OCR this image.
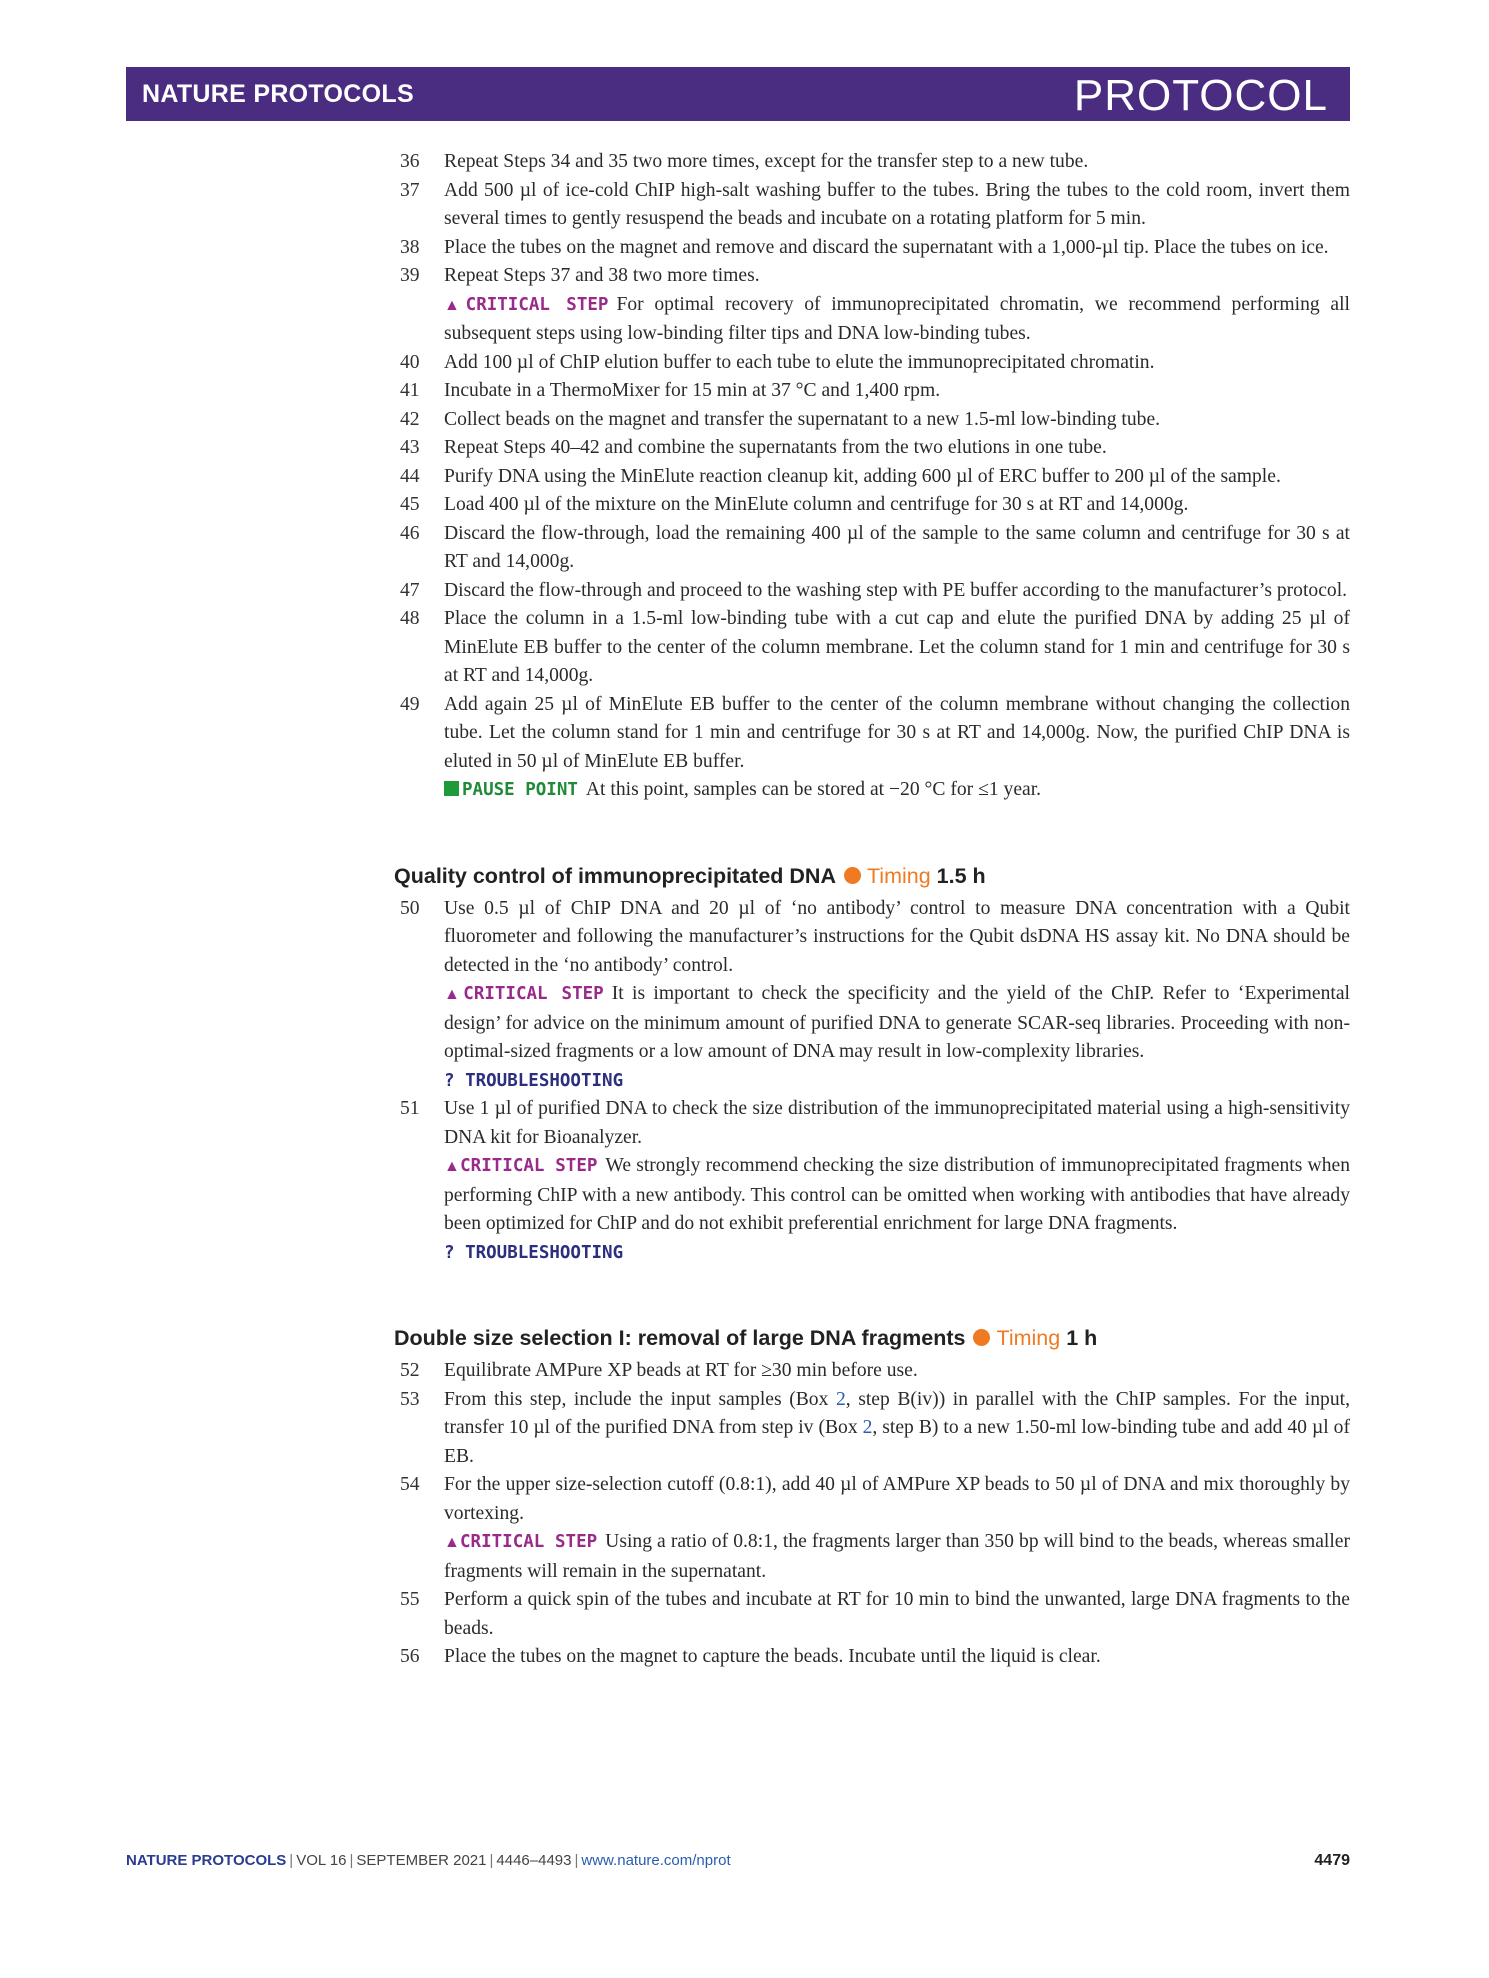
NATURE PROTOCOLS	PROTOCOL
36	Repeat Steps 34 and 35 two more times, except for the transfer step to a new tube.
37	Add 500 µl of ice-cold ChIP high-salt washing buffer to the tubes. Bring the tubes to the cold room, invert them several times to gently resuspend the beads and incubate on a rotating platform for 5 min.
38	Place the tubes on the magnet and remove and discard the supernatant with a 1,000-µl tip. Place the tubes on ice.
39	Repeat Steps 37 and 38 two more times.
▲CRITICAL STEP For optimal recovery of immunoprecipitated chromatin, we recommend performing all subsequent steps using low-binding filter tips and DNA low-binding tubes.
40	Add 100 µl of ChIP elution buffer to each tube to elute the immunoprecipitated chromatin.
41	Incubate in a ThermoMixer for 15 min at 37 °C and 1,400 rpm.
42	Collect beads on the magnet and transfer the supernatant to a new 1.5-ml low-binding tube.
43	Repeat Steps 40–42 and combine the supernatants from the two elutions in one tube.
44	Purify DNA using the MinElute reaction cleanup kit, adding 600 µl of ERC buffer to 200 µl of the sample.
45	Load 400 µl of the mixture on the MinElute column and centrifuge for 30 s at RT and 14,000g.
46	Discard the flow-through, load the remaining 400 µl of the sample to the same column and centrifuge for 30 s at RT and 14,000g.
47	Discard the flow-through and proceed to the washing step with PE buffer according to the manufacturer’s protocol.
48	Place the column in a 1.5-ml low-binding tube with a cut cap and elute the purified DNA by adding 25 µl of MinElute EB buffer to the center of the column membrane. Let the column stand for 1 min and centrifuge for 30 s at RT and 14,000g.
49	Add again 25 µl of MinElute EB buffer to the center of the column membrane without changing the collection tube. Let the column stand for 1 min and centrifuge for 30 s at RT and 14,000g. Now, the purified ChIP DNA is eluted in 50 µl of MinElute EB buffer.
PAUSE POINT At this point, samples can be stored at −20 °C for ≤1 year.
Quality control of immunoprecipitated DNA Timing 1.5 h
50	Use 0.5 µl of ChIP DNA and 20 µl of ‘no antibody’ control to measure DNA concentration with a Qubit fluorometer and following the manufacturer’s instructions for the Qubit dsDNA HS assay kit. No DNA should be detected in the ‘no antibody’ control.
▲CRITICAL STEP It is important to check the specificity and the yield of the ChIP. Refer to ‘Experimental design’ for advice on the minimum amount of purified DNA to generate SCAR-seq libraries. Proceeding with non-optimal-sized fragments or a low amount of DNA may result in low-complexity libraries.
? TROUBLESHOOTING
51	Use 1 µl of purified DNA to check the size distribution of the immunoprecipitated material using a high-sensitivity DNA kit for Bioanalyzer.
▲CRITICAL STEP We strongly recommend checking the size distribution of immunoprecipitated fragments when performing ChIP with a new antibody. This control can be omitted when working with antibodies that have already been optimized for ChIP and do not exhibit preferential enrichment for large DNA fragments.
? TROUBLESHOOTING
Double size selection I: removal of large DNA fragments Timing 1 h
52	Equilibrate AMPure XP beads at RT for ≥30 min before use.
53	From this step, include the input samples (Box 2, step B(iv)) in parallel with the ChIP samples. For the input, transfer 10 µl of the purified DNA from step iv (Box 2, step B) to a new 1.50-ml low-binding tube and add 40 µl of EB.
54	For the upper size-selection cutoff (0.8:1), add 40 µl of AMPure XP beads to 50 µl of DNA and mix thoroughly by vortexing.
▲CRITICAL STEP Using a ratio of 0.8:1, the fragments larger than 350 bp will bind to the beads, whereas smaller fragments will remain in the supernatant.
55	Perform a quick spin of the tubes and incubate at RT for 10 min to bind the unwanted, large DNA fragments to the beads.
56	Place the tubes on the magnet to capture the beads. Incubate until the liquid is clear.
NATURE PROTOCOLS | VOL 16 | SEPTEMBER 2021 | 4446–4493 | www.nature.com/nprot	4479
